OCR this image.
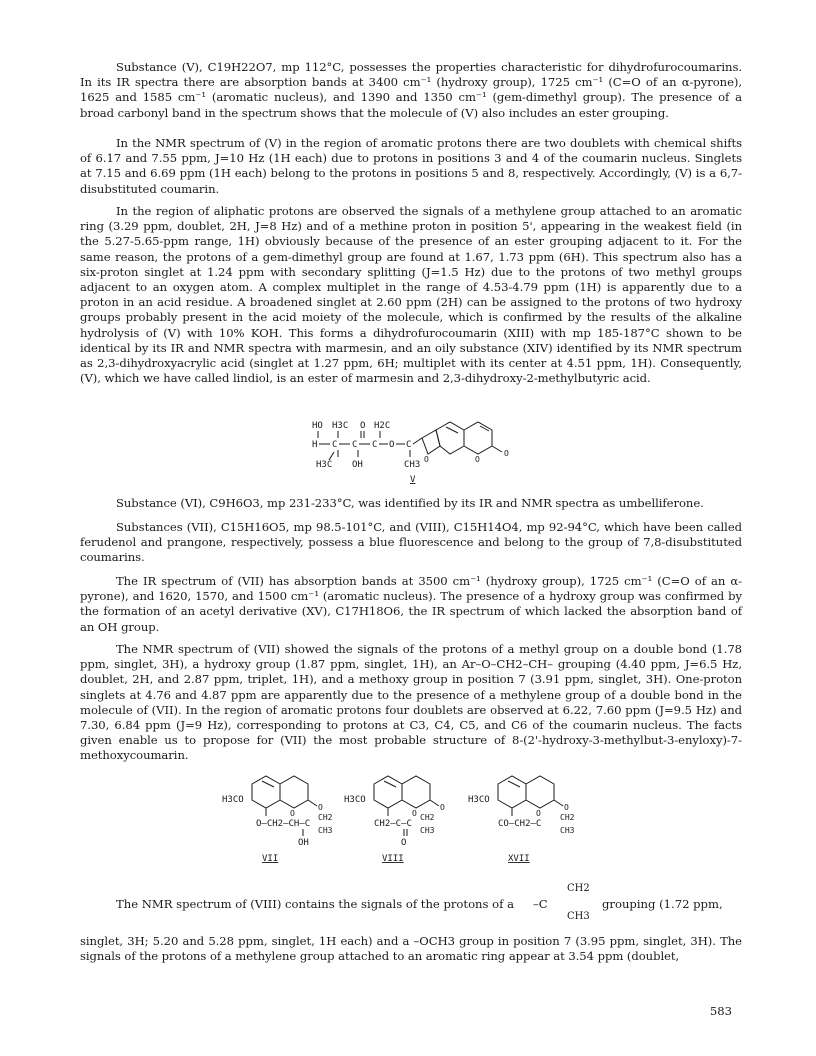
Substance (V), C19H22O7, mp 112°C, possesses the properties characteristic for dihydrofurocoumarins. In its IR spectra there are absorption bands at 3400 cm⁻¹ (hydroxy group), 1725 cm⁻¹ (C=O of an α-pyrone), 1625 and 1585 cm⁻¹ (aromatic nucleus), and 1390 and 1350 cm⁻¹ (gem-dimethyl group). The presence of a broad carbonyl band in the spectrum shows that the molecule of (V) also includes an ester grouping.

In the NMR spectrum of (V) in the region of aromatic protons there are two doublets with chemical shifts of 6.17 and 7.55 ppm, J=10 Hz (1H each) due to protons in positions 3 and 4 of the coumarin nucleus. Singlets at 7.15 and 6.69 ppm (1H each) belong to the protons in positions 5 and 8, respectively. Accordingly, (V) is a 6,7-disubstituted coumarin.

In the region of aliphatic protons are observed the signals of a methylene group attached to an aromatic ring (3.29 ppm, doublet, 2H, J=8 Hz) and of a methine proton in position 5', appearing in the weakest field (in the 5.27-5.65-ppm range, 1H) obviously because of the presence of an ester grouping adjacent to it. For the same reason, the protons of a gem-dimethyl group are found at 1.67, 1.73 ppm (6H). This spectrum also has a six-proton singlet at 1.24 ppm with secondary splitting (J=1.5 Hz) due to the protons of two methyl groups adjacent to an oxygen atom. A complex multiplet in the range of 4.53-4.79 ppm (1H) is apparently due to a proton in an acid residue. A broadened singlet at 2.60 ppm (2H) can be assigned to the protons of two hydroxy groups probably present in the acid moiety of the molecule, which is confirmed by the results of the alkaline hydrolysis of (V) with 10% KOH. This forms a dihydrofurocoumarin (XIII) with mp 185-187°C shown to be identical by its IR and NMR spectra with marmesin, and an oily substance (XIV) identified by its NMR spectrum as 2,3-dihydroxyacrylic acid (singlet at 1.27 ppm, 6H; multiplet with its center at 4.51 ppm, 1H). Consequently, (V), which we have called lindiol, is an ester of marmesin and 2,3-dihydroxy-2-methylbutyric acid.

HO H3C O H2C
H C C C O C
H3C OH	CH3
O	O
O
V

Substance (VI), C9H6O3, mp 231-233°C, was identified by its IR and NMR spectra as umbelliferone.

Substances (VII), C15H16O5, mp 98.5-101°C, and (VIII), C15H14O4, mp 92-94°C, which have been called ferudenol and prangone, respectively, possess a blue fluorescence and belong to the group of 7,8-disubstituted coumarins.

The IR spectrum of (VII) has absorption bands at 3500 cm⁻¹ (hydroxy group), 1725 cm⁻¹ (C=O of an α-pyrone), and 1620, 1570, and 1500 cm⁻¹ (aromatic nucleus). The presence of a hydroxy group was confirmed by the formation of an acetyl derivative (XV), C17H18O6, the IR spectrum of which lacked the absorption band of an OH group.

The NMR spectrum of (VII) showed the signals of the protons of a methyl group on a double bond (1.78 ppm, singlet, 3H), a hydroxy group (1.87 ppm, singlet, 1H), an Ar–O–CH2–CH– grouping (4.40 ppm, J=6.5 Hz, doublet, 2H, and 2.87 ppm, triplet, 1H), and a methoxy group in position 7 (3.91 ppm, singlet, 3H). One-proton singlets at 4.76 and 4.87 ppm are apparently due to the presence of a methylene group of a double bond in the molecule of (VII). In the region of aromatic protons four doublets are observed at 6.22, 7.60 ppm (J=9.5 Hz) and 7.30, 6.84 ppm (J=9 Hz), corresponding to protons at C3, C4, C5, and C6 of the coumarin nucleus. The facts given enable us to propose for (VII) the most probable structure of 8-(2'-hydroxy-3-methylbut-3-enyloxy)-7-methoxycoumarin.

H3CO
O
O
O–CH2–CH–C
CH2
CH3
OH
VII
H3CO
O
O
CH2–C–C
CH2
CH3
O
VIII
H3CO
O
O
CO–CH2–C
CH2
CH3
XVII
The NMR spectrum of (VIII) contains the signals of the protons of a –C
CH2
CH3
grouping (1.72 ppm,

singlet, 3H; 5.20 and 5.28 ppm, singlet, 1H each) and a –OCH3 group in position 7 (3.95 ppm, singlet, 3H). The signals of the protons of a methylene group attached to an aromatic ring appear at 3.54 ppm (doublet,

583
